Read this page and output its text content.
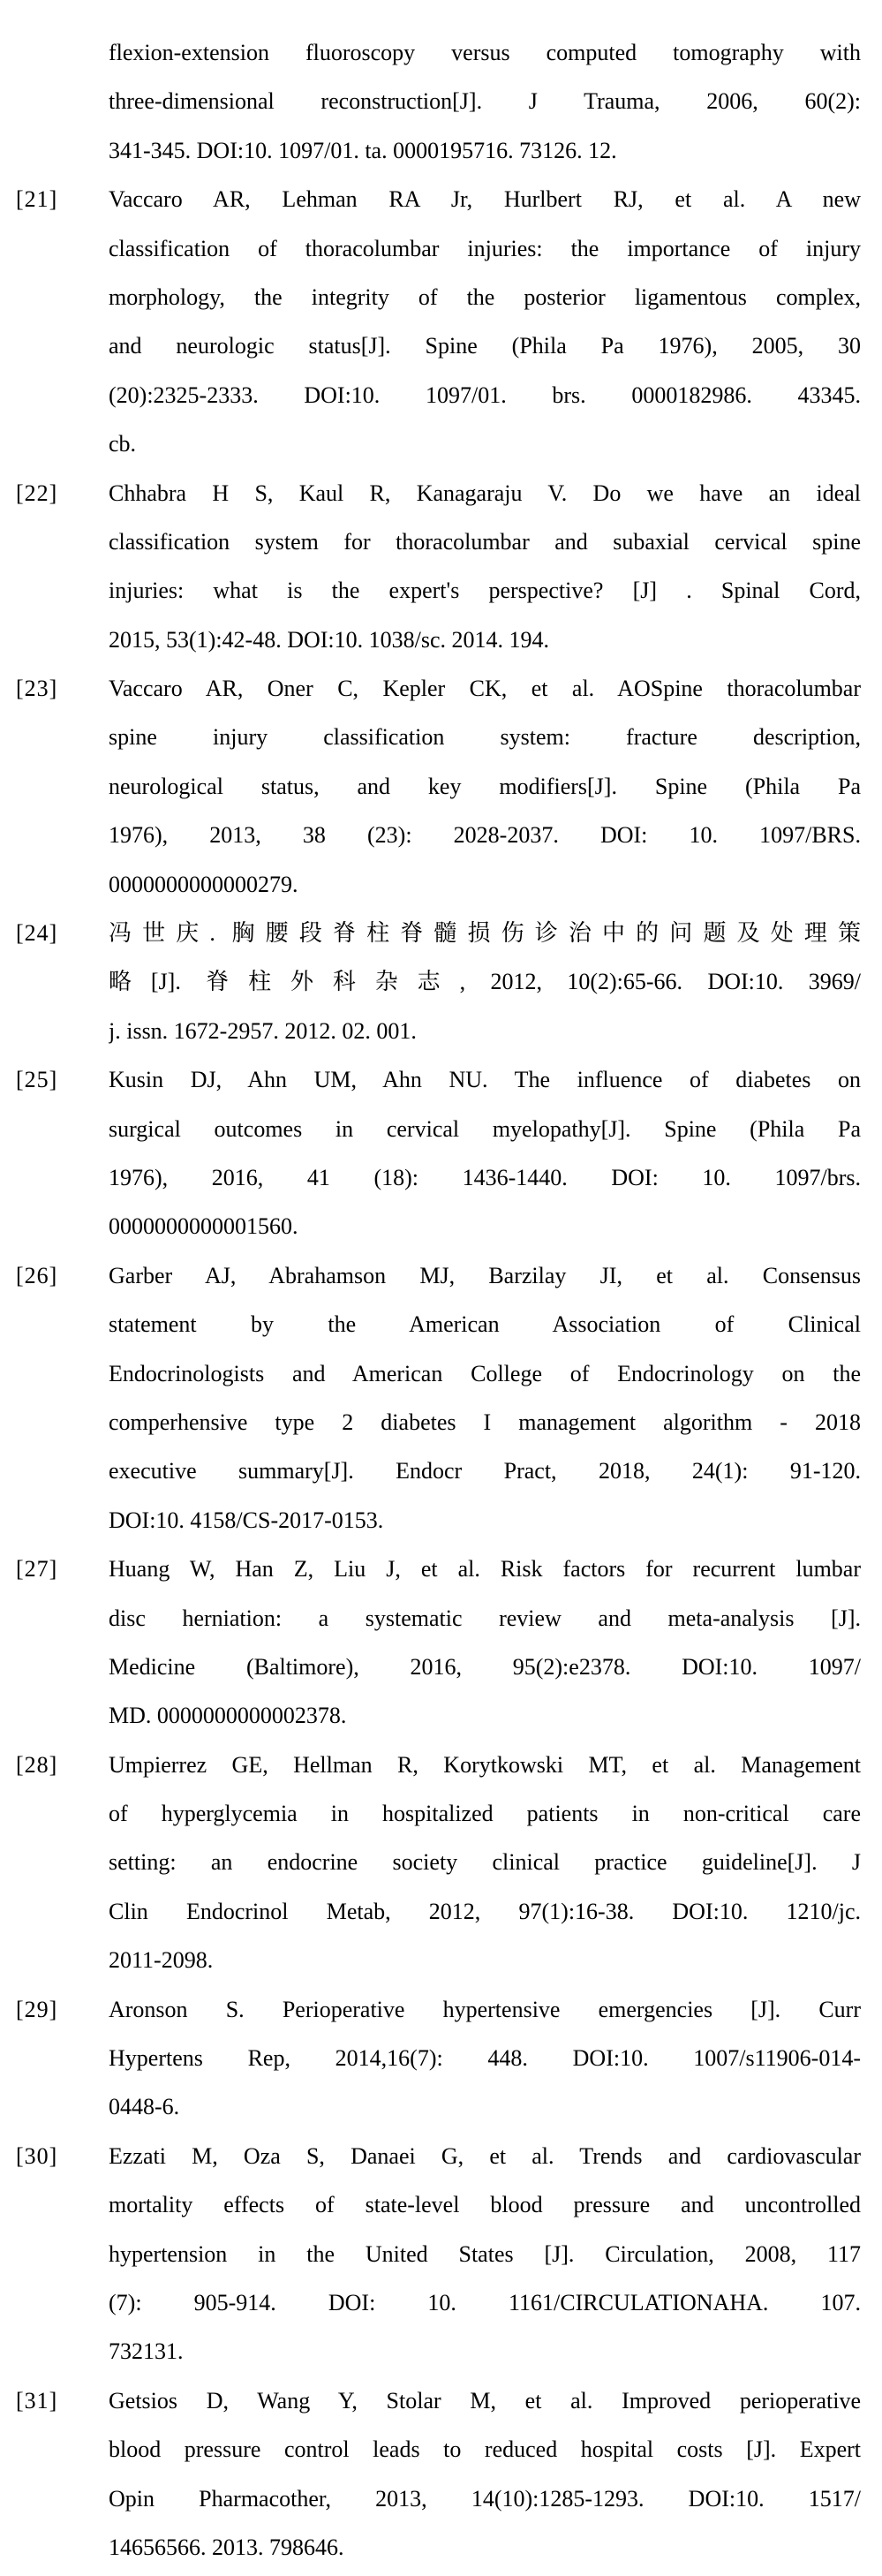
flexion-extension fluoroscopy versus computed tomography with
three-dimensional reconstruction[J]. J Trauma, 2006, 60(2):
341-345. DOI:10. 1097/01. ta. 0000195716. 73126. 12.
[21]	Vaccaro AR, Lehman RA Jr, Hurlbert RJ, et al. A new
classification of thoracolumbar injuries: the importance of injury
morphology, the integrity of the posterior ligamentous complex,
and neurologic status[J]. Spine (Phila Pa 1976), 2005, 30
(20):2325-2333. DOI:10. 1097/01. brs. 0000182986. 43345.
cb.
[22]	Chhabra H S, Kaul R, Kanagaraju V. Do we have an ideal
classification system for thoracolumbar and subaxial cervical spine
injuries: what is the expert's perspective? [J] . Spinal Cord,
2015, 53(1):42-48. DOI:10. 1038/sc. 2014. 194.
[23]	Vaccaro AR, Oner C, Kepler CK, et al. AOSpine thoracolumbar
spine injury classification system: fracture description,
neurological status, and key modifiers[J]. Spine (Phila Pa
1976), 2013, 38 (23): 2028-2037. DOI: 10. 1097/BRS.
0000000000000279.
[24]	冯世庆. 胸腰段脊柱脊髓损伤诊治中的问题及处理策
略[J]. 脊柱外科杂志, 2012, 10(2):65-66. DOI:10. 3969/
j. issn. 1672-2957. 2012. 02. 001.
[25]	Kusin DJ, Ahn UM, Ahn NU. The influence of diabetes on
surgical outcomes in cervical myelopathy[J]. Spine (Phila Pa
1976), 2016, 41 (18): 1436-1440. DOI: 10. 1097/brs.
0000000000001560.
[26]	Garber AJ, Abrahamson MJ, Barzilay JI, et al. Consensus
statement by the American Association of Clinical
Endocrinologists and American College of Endocrinology on the
comperhensive type 2 diabetes I management algorithm - 2018
executive summary[J]. Endocr Pract, 2018, 24(1): 91-120.
DOI:10. 4158/CS-2017-0153.
[27]	Huang W, Han Z, Liu J, et al. Risk factors for recurrent lumbar
disc herniation: a systematic review and meta-analysis [J].
Medicine (Baltimore), 2016, 95(2):e2378. DOI:10. 1097/
MD. 0000000000002378.
[28]	Umpierrez GE, Hellman R, Korytkowski MT, et al. Management
of hyperglycemia in hospitalized patients in non-critical care
setting: an endocrine society clinical practice guideline[J]. J
Clin Endocrinol Metab, 2012, 97(1):16-38. DOI:10. 1210/jc.
2011-2098.
[29]	Aronson S. Perioperative hypertensive emergencies [J]. Curr
Hypertens Rep, 2014,16(7): 448. DOI:10. 1007/s11906-014-
0448-6.
[30]	Ezzati M, Oza S, Danaei G, et al. Trends and cardiovascular
mortality effects of state-level blood pressure and uncontrolled
hypertension in the United States [J]. Circulation, 2008, 117
(7): 905-914. DOI: 10. 1161/CIRCULATIONAHA. 107.
732131.
[31]	Getsios D, Wang Y, Stolar M, et al. Improved perioperative
blood pressure control leads to reduced hospital costs [J]. Expert
Opin Pharmacother, 2013, 14(10):1285-1293. DOI:10. 1517/
14656566. 2013. 798646.
